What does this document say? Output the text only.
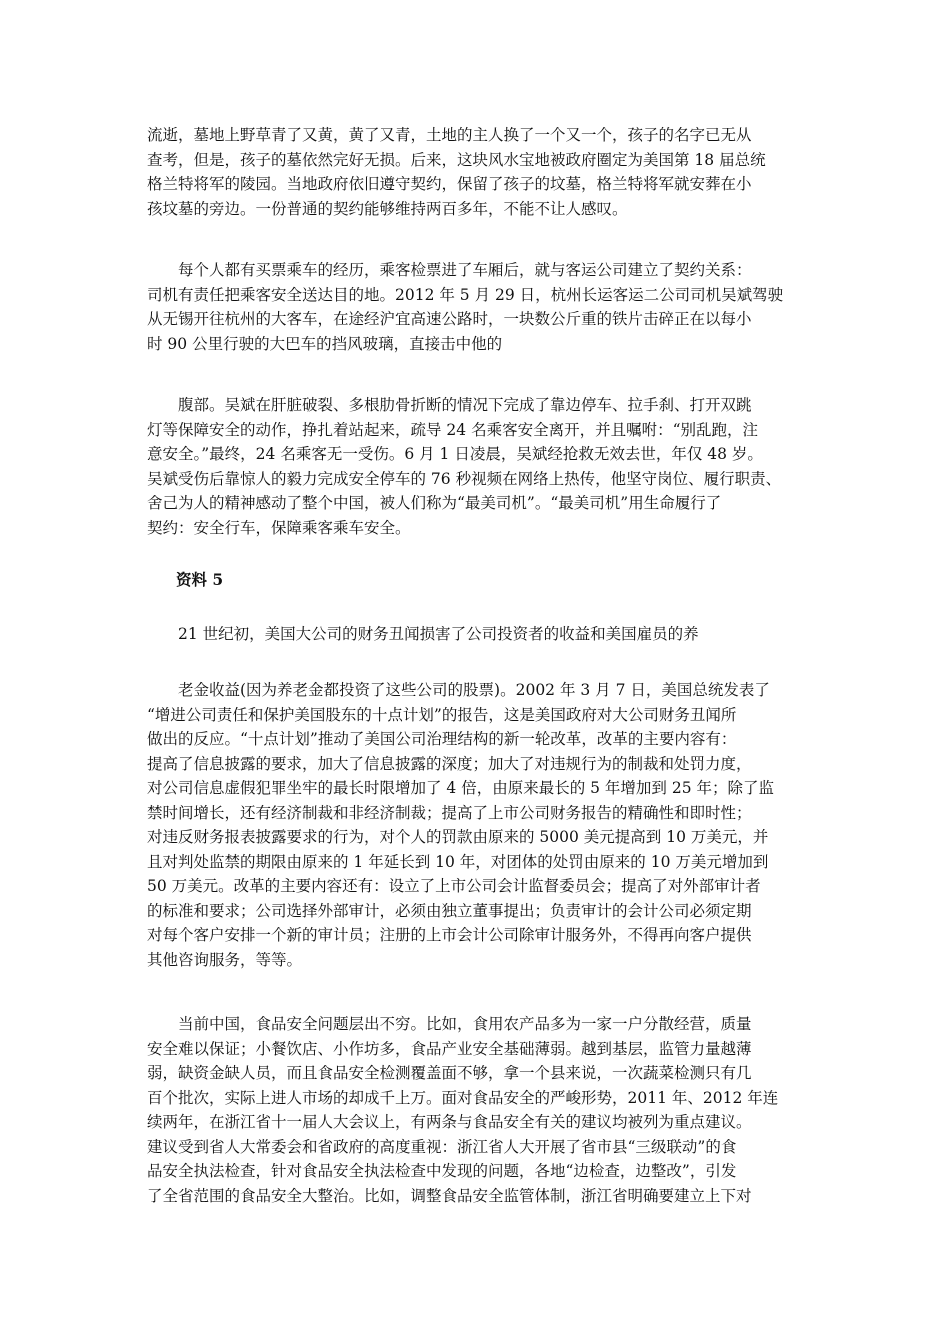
流逝，墓地上野草青了又黄，黄了又青，土地的主人换了一个又一个，孩子的名字已无从
查考，但是，孩子的墓依然完好无损。后来，这块风水宝地被政府圈定为美国第 18 届总统
格兰特将军的陵园。当地政府依旧遵守契约，保留了孩子的坟墓，格兰特将军就安葬在小
孩坟墓的旁边。一份普通的契约能够维持两百多年，不能不让人感叹。
　　每个人都有买票乘车的经历，乘客检票进了车厢后，就与客运公司建立了契约关系：
司机有责任把乘客安全送达目的地。2012 年 5 月 29 日，杭州长运客运二公司司机吴斌驾驶
从无锡开往杭州的大客车，在途经沪宜高速公路时，一块数公斤重的铁片击碎正在以每小
时 90 公里行驶的大巴车的挡风玻璃，直接击中他的
　　腹部。吴斌在肝脏破裂、多根肋骨折断的情况下完成了靠边停车、拉手刹、打开双跳
灯等保障安全的动作，挣扎着站起来，疏导 24 名乘客安全离开，并且嘱咐：“别乱跑，注
意安全。”最终，24 名乘客无一受伤。6 月 1 日凌晨，吴斌经抢救无效去世，年仅 48 岁。
吴斌受伤后靠惊人的毅力完成安全停车的 76 秒视频在网络上热传，他坚守岗位、履行职责、
舍己为人的精神感动了整个中国，被人们称为“最美司机”。“最美司机”用生命履行了
契约：安全行车，保障乘客乘车安全。
资料 5
　　21 世纪初，美国大公司的财务丑闻损害了公司投资者的收益和美国雇员的养
　　老金收益(因为养老金都投资了这些公司的股票)。2002 年 3 月 7 日，美国总统发表了
“增进公司责任和保护美国股东的十点计划”的报告，这是美国政府对大公司财务丑闻所
做出的反应。“十点计划”推动了美国公司治理结构的新一轮改革，改革的主要内容有：
提高了信息披露的要求，加大了信息披露的深度；加大了对违规行为的制裁和处罚力度，
对公司信息虚假犯罪坐牢的最长时限增加了 4 倍，由原来最长的 5 年增加到 25 年；除了监
禁时间增长，还有经济制裁和非经济制裁；提高了上市公司财务报告的精确性和即时性；
对违反财务报表披露要求的行为，对个人的罚款由原来的 5000 美元提高到 10 万美元，并
且对判处监禁的期限由原来的 1 年延长到 10 年，对团体的处罚由原来的 10 万美元增加到
50 万美元。改革的主要内容还有：设立了上市公司会计监督委员会；提高了对外部审计者
的标准和要求；公司选择外部审计，必须由独立董事提出；负责审计的会计公司必须定期
对每个客户安排一个新的审计员；注册的上市会计公司除审计服务外，不得再向客户提供
其他咨询服务，等等。
　　当前中国，食品安全问题层出不穷。比如，食用农产品多为一家一户分散经营，质量
安全难以保证；小餐饮店、小作坊多，食品产业安全基础薄弱。越到基层，监管力量越薄
弱，缺资金缺人员，而且食品安全检测覆盖面不够，拿一个县来说，一次蔬菜检测只有几
百个批次，实际上进人市场的却成千上万。面对食品安全的严峻形势，2011 年、2012 年连
续两年，在浙江省十一届人大会议上，有两条与食品安全有关的建议均被列为重点建议。
建议受到省人大常委会和省政府的高度重视：浙江省人大开展了省市县“三级联动”的食
品安全执法检查，针对食品安全执法检查中发现的问题，各地“边检查，边整改”，引发
了全省范围的食品安全大整治。比如，调整食品安全监管体制，浙江省明确要建立上下对
